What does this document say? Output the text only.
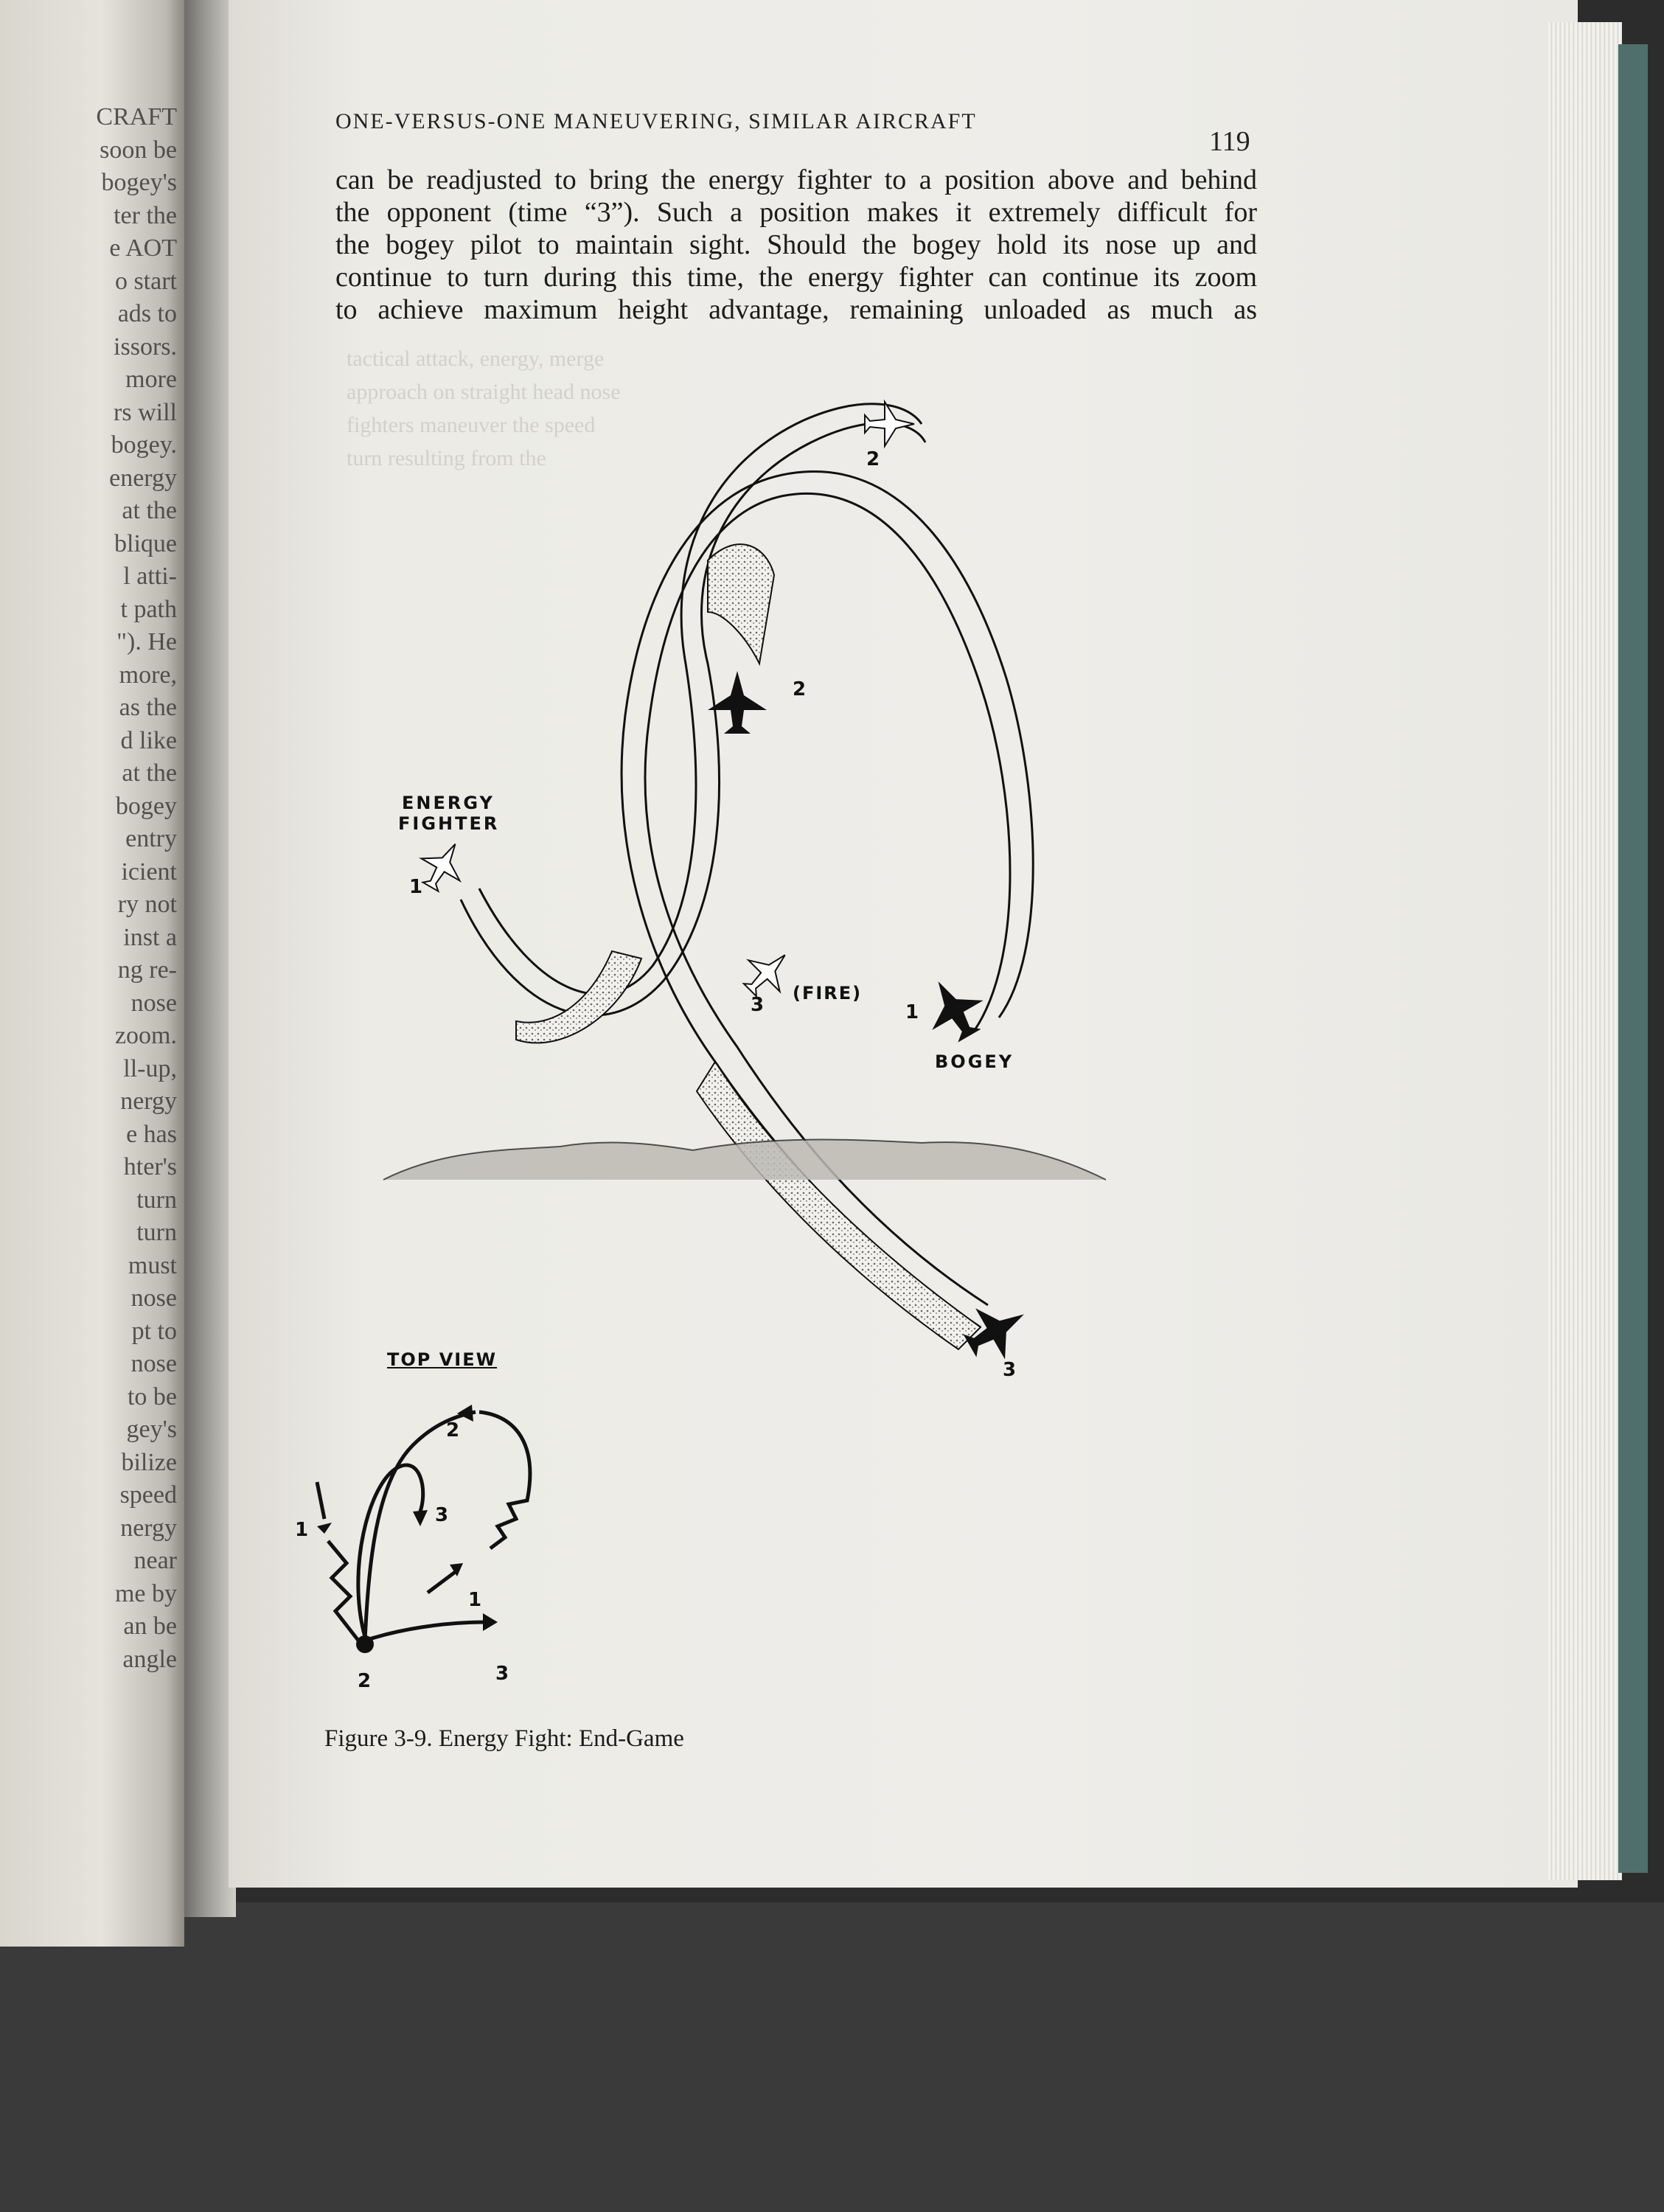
CRAFT
soon be
bogey's
ter the
e AOT
o start
ads to
issors.
more
rs will
bogey.
energy
at the
blique
l atti-
t path
"). He
more,
as the
d like
at the
bogey
entry
icient
ry not
inst a
ng re-
nose
zoom.
ll-up,
nergy
e has
hter's
turn
turn
must
nose
pt to
nose
to be
gey's
bilize
speed
nergy
near
me by
an be
angle
ONE-VERSUS-ONE MANEUVERING, SIMILAR AIRCRAFT
119
can be readjusted to bring the energy fighter to a position above and behind
the opponent (time “3”). Such a position makes it extremely difficult for
the bogey pilot to maintain sight. Should the bogey hold its nose up and
continue to turn during this time, the energy fighter can continue its zoom
to achieve maximum height advantage, remaining unloaded as much as
tactical attack, energy, merge
approach on straight head nose
fighters maneuver the speed
turn resulting from the
ENERGY
FIGHTER
1
2
3
(FIRE)
1
2
3
BOGEY
TOP VIEW
1
1
2
2
3
3
Figure 3-9. Energy Fight: End-Game
